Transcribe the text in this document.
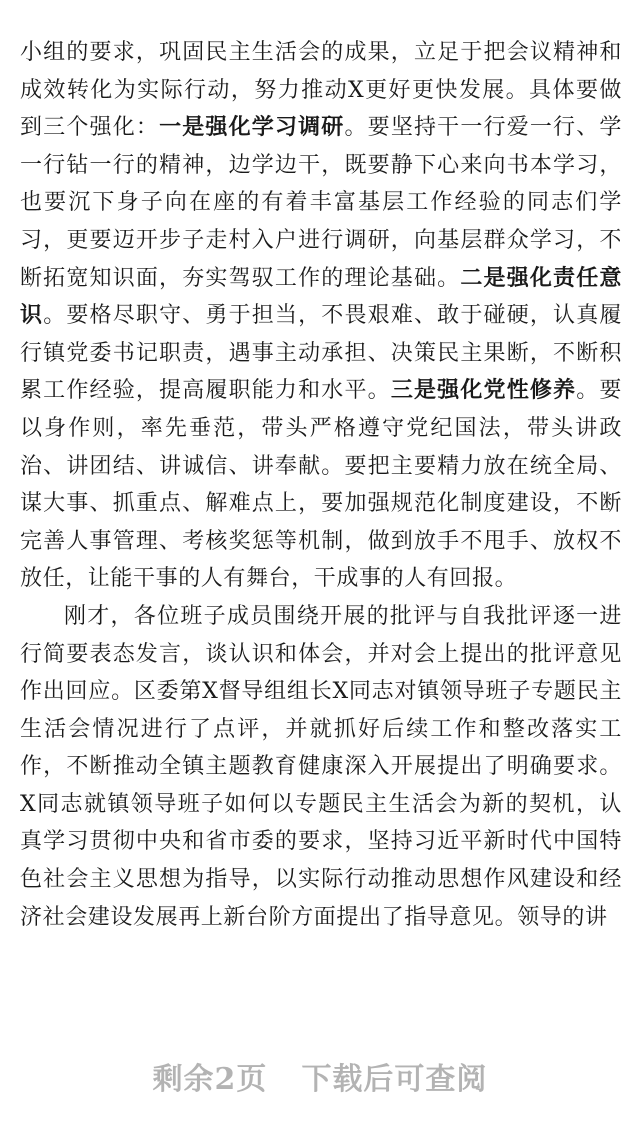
小组的要求，巩固民主生活会的成果，立足于把会议精神和成效转化为实际行动，努力推动X更好更快发展。具体要做到三个强化：一是强化学习调研。要坚持干一行爱一行、学一行钻一行的精神，边学边干，既要静下心来向书本学习，也要沉下身子向在座的有着丰富基层工作经验的同志们学习，更要迈开步子走村入户进行调研，向基层群众学习，不断拓宽知识面，夯实驾驭工作的理论基础。二是强化责任意识。要格尽职守、勇于担当，不畏艰难、敢于碰硬，认真履行镇党委书记职责，遇事主动承担、决策民主果断，不断积累工作经验，提高履职能力和水平。三是强化党性修养。要以身作则，率先垂范，带头严格遵守党纪国法，带头讲政治、讲团结、讲诚信、讲奉献。要把主要精力放在统全局、谋大事、抓重点、解难点上，要加强规范化制度建设，不断完善人事管理、考核奖惩等机制，做到放手不甩手、放权不放任，让能干事的人有舞台，干成事的人有回报。

刚才，各位班子成员围绕开展的批评与自我批评逐一进行简要表态发言，谈认识和体会，并对会上提出的批评意见作出回应。区委第X督导组组长X同志对镇领导班子专题民主生活会情况进行了点评，并就抓好后续工作和整改落实工作，不断推动全镇主题教育健康深入开展提出了明确要求。X同志就镇领导班子如何以专题民主生活会为新的契机，认真学习贯彻中央和省市委的要求，坚持习近平新时代中国特色社会主义思想为指导，以实际行动推动思想作风建设和经济社会建设发展再上新台阶方面提出了指导意见。领导的讲

剩余2页 下载后可查阅
